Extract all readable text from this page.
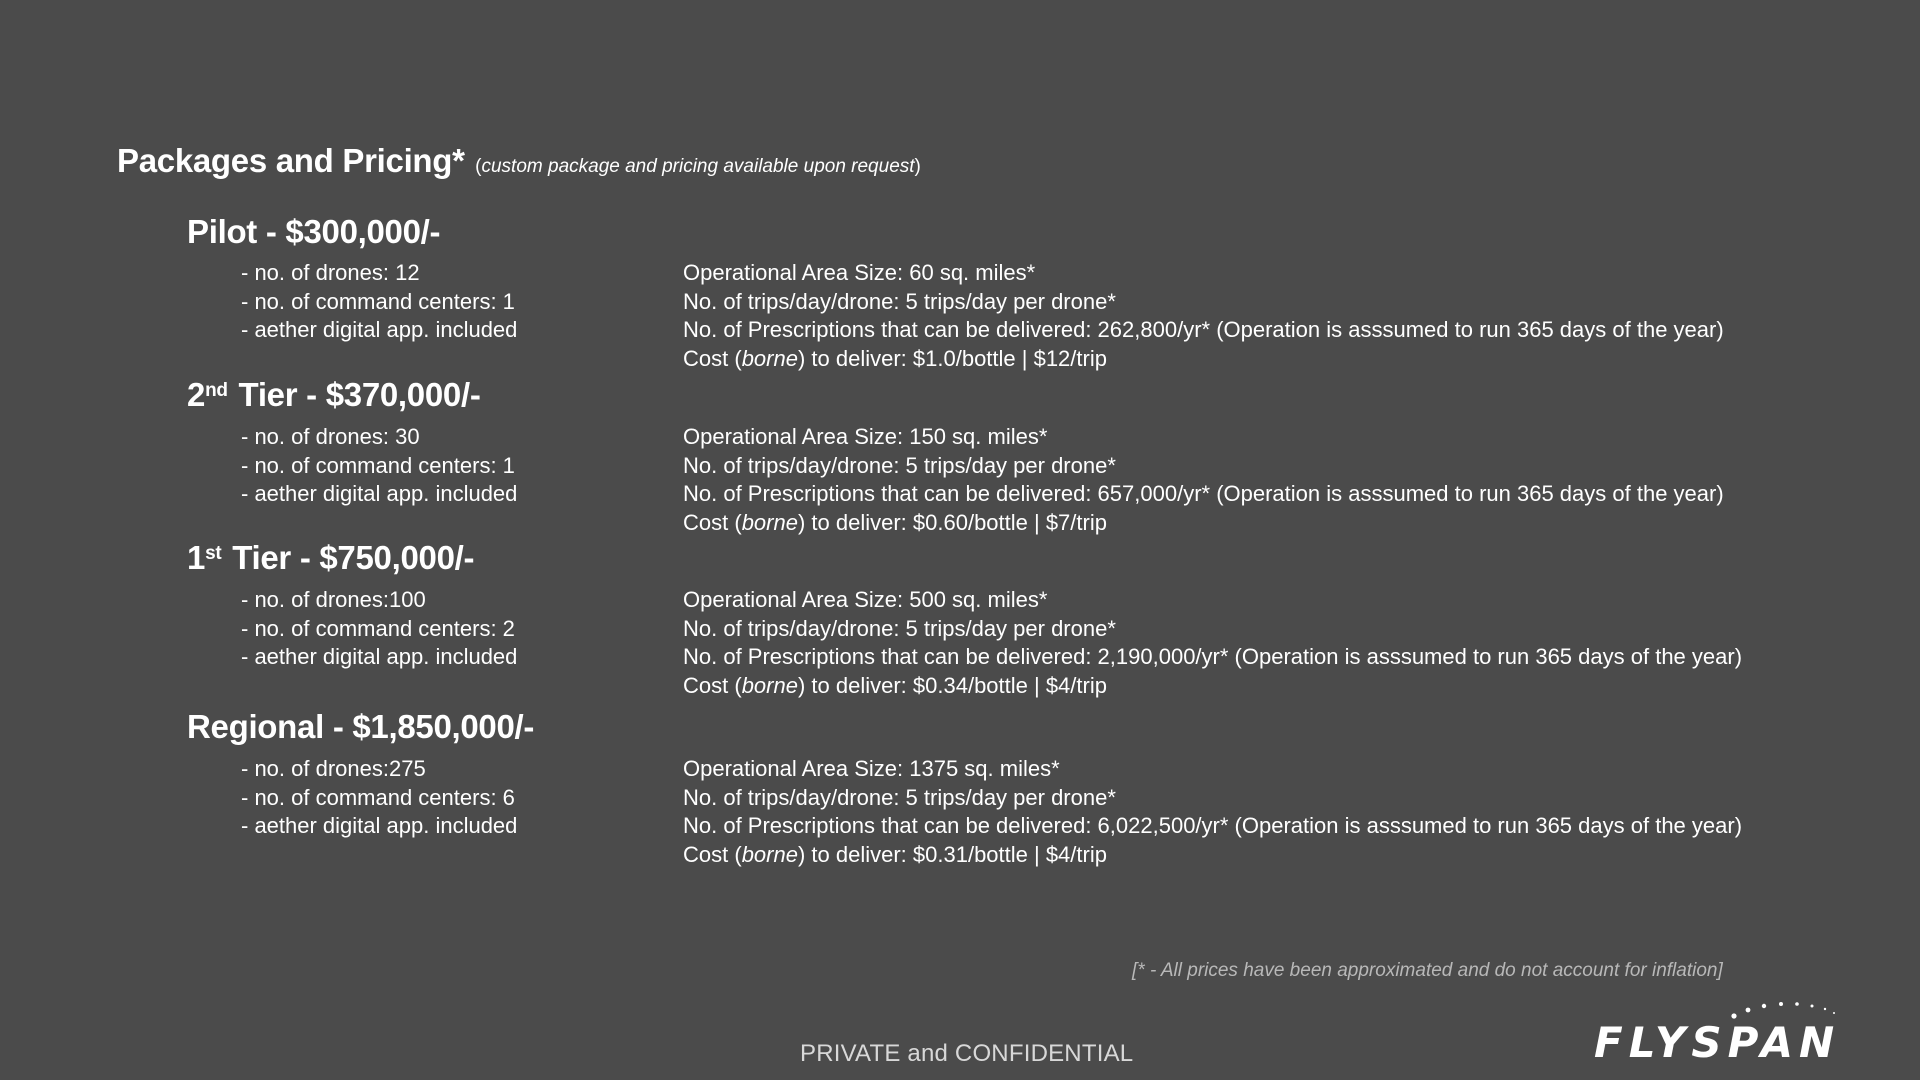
Packages and Pricing* (custom package and pricing available upon request)
Pilot - $300,000/-
- no. of drones: 12
- no. of command centers: 1
- aether digital app. included
Operational Area Size: 60 sq. miles*
No. of trips/day/drone: 5 trips/day per drone*
No. of Prescriptions that can be delivered: 262,800/yr* (Operation is asssumed to run 365 days of the year)
Cost (borne) to deliver: $1.0/bottle | $12/trip
2nd Tier - $370,000/-
- no. of drones: 30
- no. of command centers: 1
- aether digital app. included
Operational Area Size: 150 sq. miles*
No. of trips/day/drone: 5 trips/day per drone*
No. of Prescriptions that can be delivered: 657,000/yr* (Operation is asssumed to run 365 days of the year)
Cost (borne) to deliver: $0.60/bottle | $7/trip
1st Tier - $750,000/-
- no. of drones:100
- no. of command centers: 2
- aether digital app. included
Operational Area Size: 500 sq. miles*
No. of trips/day/drone: 5 trips/day per drone*
No. of Prescriptions that can be delivered: 2,190,000/yr* (Operation is asssumed to run 365 days of the year)
Cost (borne) to deliver: $0.34/bottle | $4/trip
Regional - $1,850,000/-
- no. of drones:275
- no. of command centers: 6
- aether digital app. included
Operational Area Size: 1375 sq. miles*
No. of trips/day/drone: 5 trips/day per drone*
No. of Prescriptions that can be delivered: 6,022,500/yr* (Operation is asssumed to run 365 days of the year)
Cost (borne) to deliver: $0.31/bottle | $4/trip
[* - All prices have been approximated and do not account for inflation]
PRIVATE and CONFIDENTIAL	FLYSPAN
